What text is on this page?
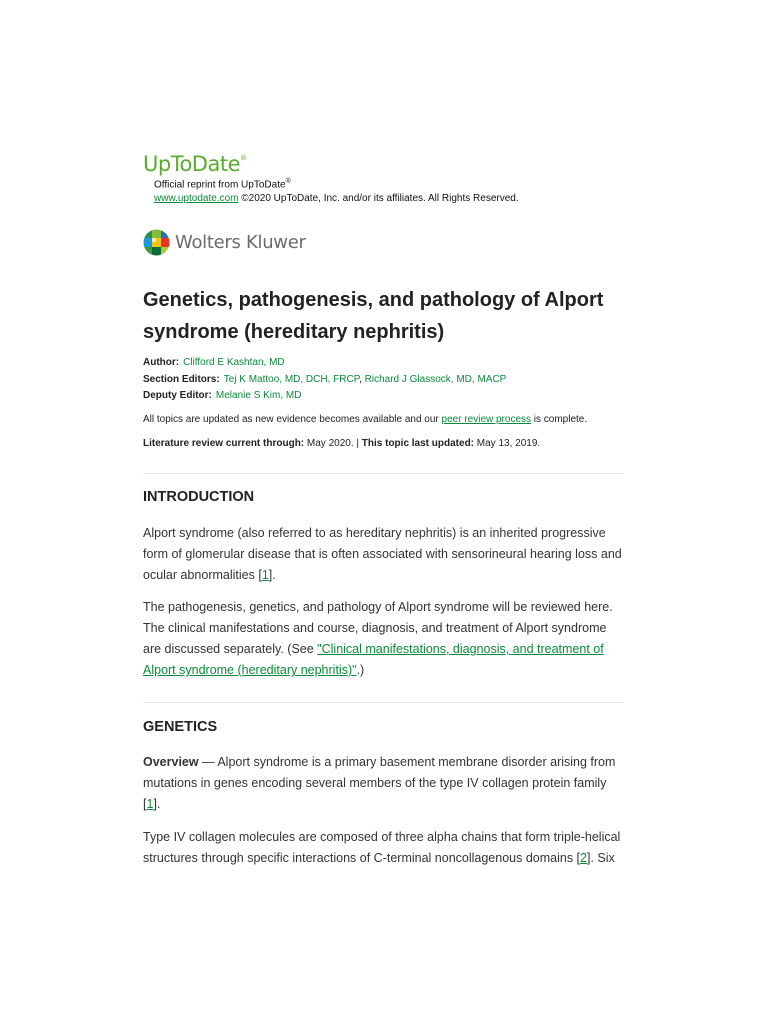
UpToDate®
Official reprint from UpToDate®
www.uptodate.com ©2020 UpToDate, Inc. and/or its affiliates. All Rights Reserved.
Wolters Kluwer
Genetics, pathogenesis, and pathology of Alport syndrome (hereditary nephritis)
Author: Clifford E Kashtan, MD
Section Editors: Tej K Mattoo, MD, DCH, FRCP, Richard J Glassock, MD, MACP
Deputy Editor: Melanie S Kim, MD
All topics are updated as new evidence becomes available and our peer review process is complete.
Literature review current through: May 2020. | This topic last updated: May 13, 2019.
INTRODUCTION

Alport syndrome (also referred to as hereditary nephritis) is an inherited progressive form of glomerular disease that is often associated with sensorineural hearing loss and ocular abnormalities [1].

The pathogenesis, genetics, and pathology of Alport syndrome will be reviewed here. The clinical manifestations and course, diagnosis, and treatment of Alport syndrome are discussed separately. (See "Clinical manifestations, diagnosis, and treatment of Alport syndrome (hereditary nephritis)".)

GENETICS

Overview — Alport syndrome is a primary basement membrane disorder arising from mutations in genes encoding several members of the type IV collagen protein family [1].

Type IV collagen molecules are composed of three alpha chains that form triple-helical structures through specific interactions of C-terminal noncollagenous domains [2]. Six
